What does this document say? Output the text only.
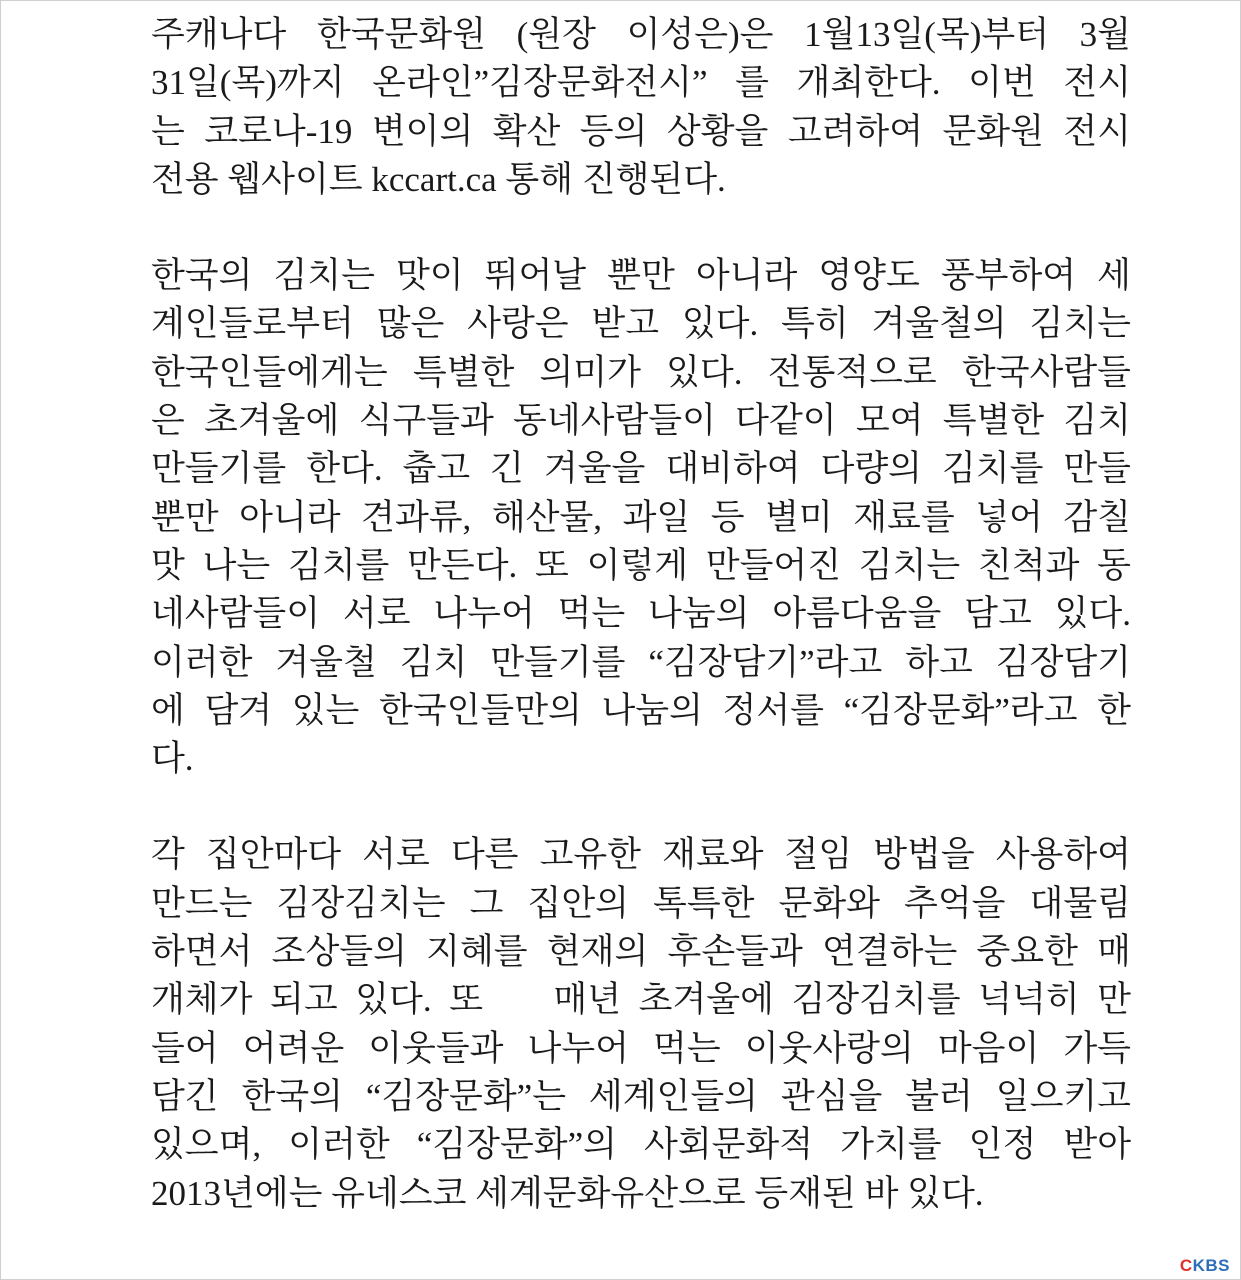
주캐나다 한국문화원 (원장 이성은)은 1월13일(목)부터 3월
31일(목)까지 온라인”김장문화전시” 를 개최한다. 이번 전시
는 코로나-19 변이의 확산 등의 상황을 고려하여 문화원 전시
전용 웹사이트 kccart.ca 통해 진행된다.

한국의 김치는 맛이 뛰어날 뿐만 아니라 영양도 풍부하여 세
계인들로부터 많은 사랑은 받고 있다. 특히 겨울철의 김치는
한국인들에게는 특별한 의미가 있다. 전통적으로 한국사람들
은 초겨울에 식구들과 동네사람들이 다같이 모여 특별한 김치
만들기를 한다. 춥고 긴 겨울을 대비하여 다량의 김치를 만들
뿐만 아니라 견과류, 해산물, 과일 등 별미 재료를 넣어 감칠
맛 나는 김치를 만든다. 또 이렇게 만들어진 김치는 친척과 동
네사람들이 서로 나누어 먹는 나눔의 아름다움을 담고 있다.
이러한 겨울철 김치 만들기를 “김장담기”라고 하고 김장담기
에 담겨 있는 한국인들만의 나눔의 정서를 “김장문화”라고 한
다.

각 집안마다 서로 다른 고유한 재료와 절임 방법을 사용하여
만드는 김장김치는 그 집안의 톡특한 문화와 추억을 대물림
하면서 조상들의 지혜를 현재의 후손들과 연결하는 중요한 매
개체가 되고 있다. 또    매년 초겨울에 김장김치를 넉넉히 만
들어 어려운 이웃들과 나누어 먹는 이웃사랑의 마음이 가득
담긴 한국의 “김장문화”는 세계인들의 관심을 불러 일으키고
있으며, 이러한 “김장문화”의 사회문화적 가치를 인정 받아
2013년에는 유네스코 세계문화유산으로 등재된 바 있다.

CKBS
